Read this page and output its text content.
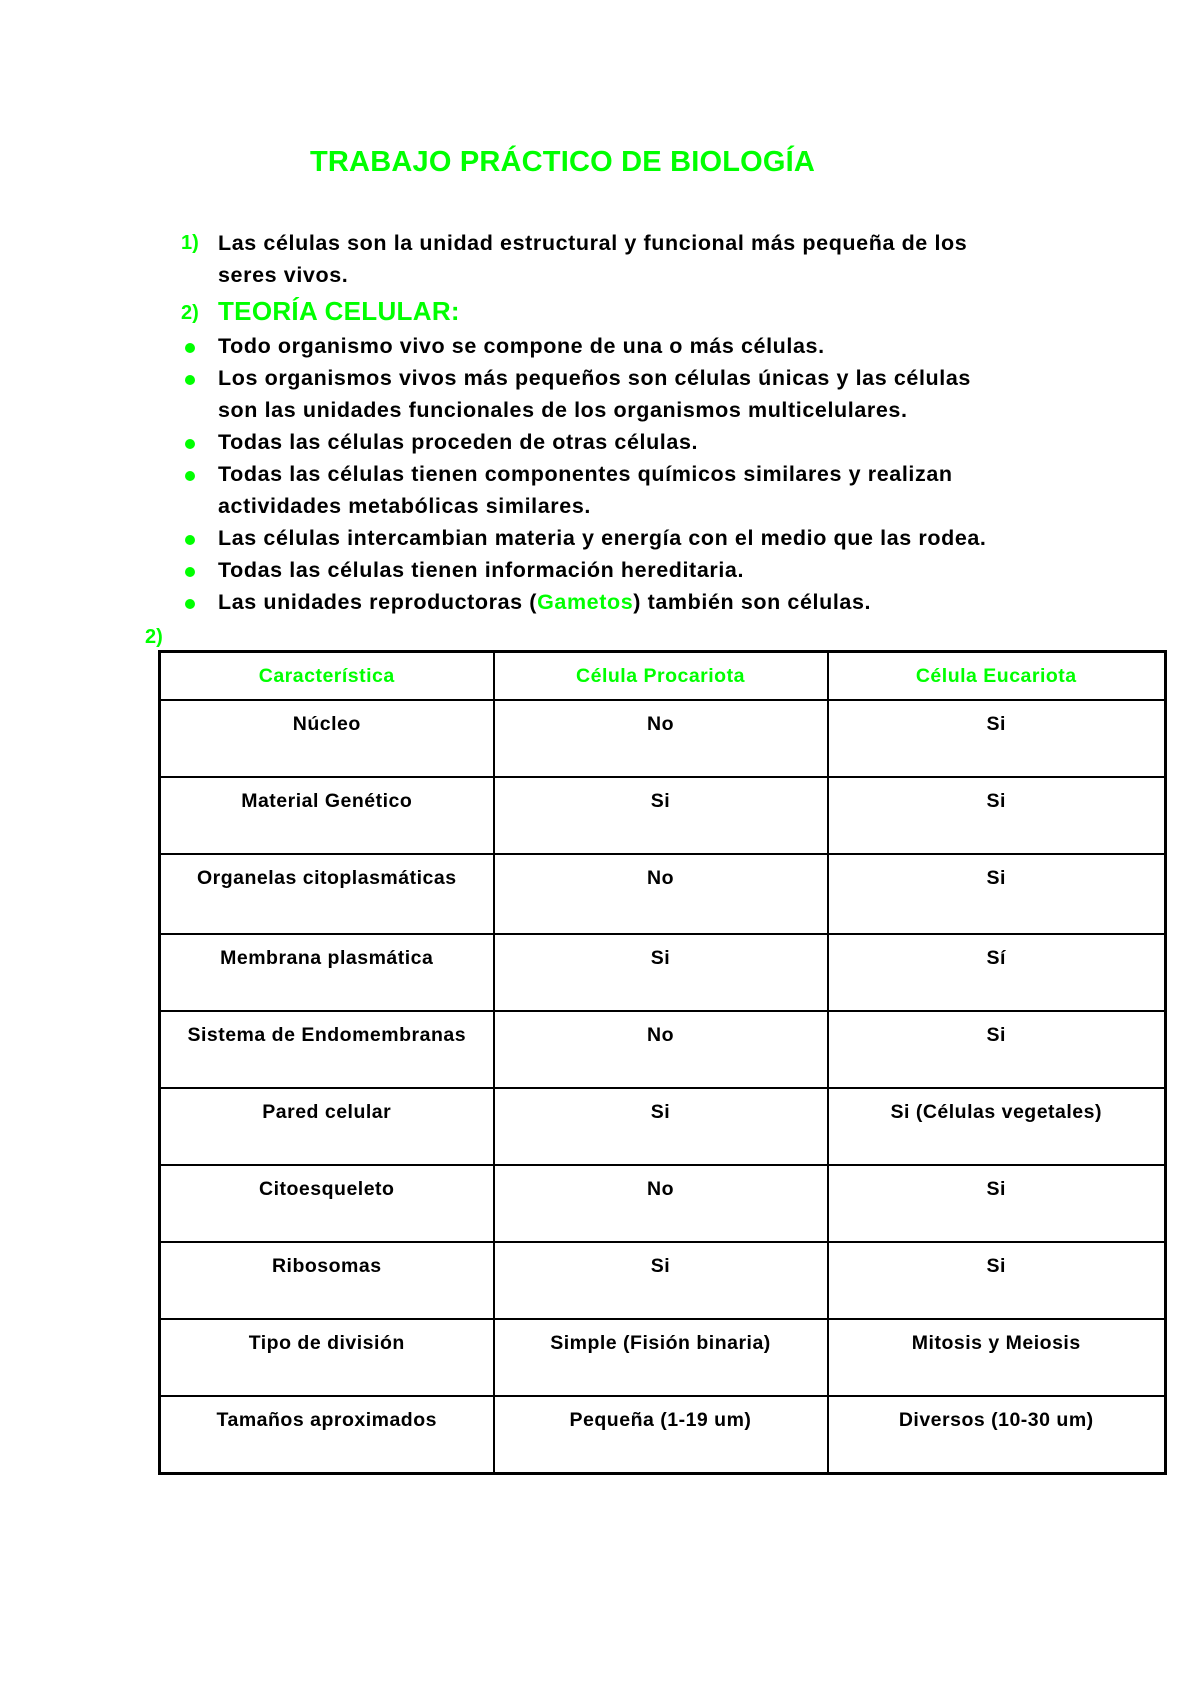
TRABAJO PRÁCTICO DE BIOLOGÍA
1) Las células son la unidad estructural y funcional más pequeña de los
seres vivos.
2) TEORÍA CELULAR:
Todo organismo vivo se compone de una o más células.
Los organismos vivos más pequeños son células únicas y las células
son las unidades funcionales de los organismos multicelulares.
Todas las células proceden de otras células.
Todas las células tienen componentes químicos similares y realizan
actividades metabólicas similares.
Las células intercambian materia y energía con el medio que las rodea.
Todas las células tienen información hereditaria.
Las unidades reproductoras (Gametos) también son células.
2)
Característica	Célula Procariota	Célula Eucariota
Núcleo	No	Si
Material Genético	Si	Si
Organelas citoplasmáticas	No	Si
Membrana plasmática	Si	Sí
Sistema de Endomembranas	No	Si
Pared celular	Si	Si (Células vegetales)
Citoesqueleto	No	Si
Ribosomas	Si	Si
Tipo de división	Simple (Fisión binaria)	Mitosis y Meiosis
Tamaños aproximados	Pequeña (1-19 um)	Diversos (10-30 um)
